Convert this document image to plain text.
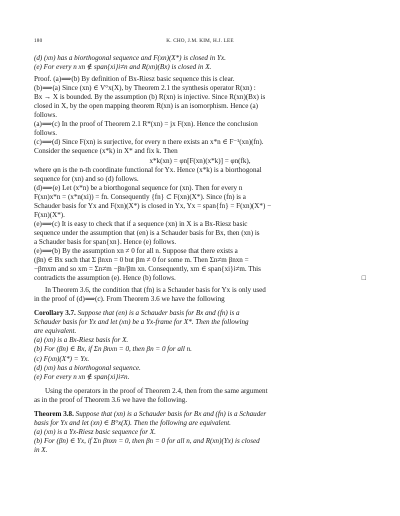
180	K. CHO, J.M. KIM, H.J. LEE

(d) (xn) has a biorthogonal sequence and F(xn)(X*) is closed in Yx.

(e) For every n xn ∉ span{xi}i≠n and R(xn)(Bx) is closed in X.

Proof. (a)⟹(b) By definition of Bx-Riesz basic sequence this is clear.

(b)⟹(a) Since (xn) ∈ V°x(X), by Theorem 2.1 the synthesis operator R(xn) :

Bx → X is bounded. By the assumption (b) R(xn) is injective. Since R(xn)(Bx) is

closed in X, by the open mapping theorem R(xn) is an isomorphism. Hence (a)

follows.

(a)⟹(c) In the proof of Theorem 2.1 R*(xn) = jx F(xn). Hence the conclusion

follows.

(c)⟹(d) Since F(xn) is surjective, for every n there exists an x*n ∈ F⁻¹(xn)(fn).

Consider the sequence (x*k) in X* and fix k. Then

x*k(xn) = φn[F(xn)(x*k)] = φn(fk),

where φn is the n-th coordinate functional for Yx. Hence (x*k) is a biorthogonal

sequence for (xn) and so (d) follows.

(d)⟹(e) Let (x*n) be a biorthogonal sequence for (xn). Then for every n

F(xn)x*n = (x*n(xi)) = fn. Consequently {fn} ⊂ F(xn)(X*). Since (fn) is a

Schauder basis for Yx and F(xn)(X*) is closed in Yx, Yx = span{fn} = F(xn)(X*) −

F(xn)(X*).

(e)⟹(c) It is easy to check that if a sequence (xn) in X is a Bx-Riesz basic

sequence under the assumption that (en) is a Schauder basis for Bx, then (xn) is

a Schauder basis for span{xn}. Hence (e) follows.

(e)⟹(b) By the assumption xn ≠ 0 for all n. Suppose that there exists a

(βn) ∈ Bx such that Σ βnxn = 0 but βm ≠ 0 for some m. Then Σn≠m βnxn =

−βmxm and so xm = Σn≠m −βn/βm xn. Consequently, xm ∈ span{xi}i≠m. This

contradicts the assumption (e). Hence (b) follows.	□

In Theorem 3.6, the condition that (fn) is a Schauder basis for Yx is only used

in the proof of (d)⟹(c). From Theorem 3.6 we have the following

Corollary 3.7. Suppose that (en) is a Schauder basis for Bx and (fn) is a

Schauder basis for Yx and let (xn) be a Yx-frame for X*. Then the following

are equivalent.

(a) (xn) is a Bx-Riesz basis for X.

(b) For (βn) ∈ Bx, if Σn βnxn = 0, then βn = 0 for all n.

(c) F(xn)(X*) = Yx.

(d) (xn) has a biorthogonal sequence.

(e) For every n xn ∉ span{xi}i≠n.

Using the operators in the proof of Theorem 2.4, then from the same argument

as in the proof of Theorem 3.6 we have the following.

Theorem 3.8. Suppose that (xn) is a Schauder basis for Bx and (fn) is a Schauder

basis for Yx and let (xn) ∈ B°x(X). Then the following are equivalent.

(a) (xn) is a Yx-Riesz basic sequence for X.

(b) For (βn) ∈ Yx, if Σn βnxn = 0, then βn = 0 for all n, and R(xn)(Yx) is closed

in X.
